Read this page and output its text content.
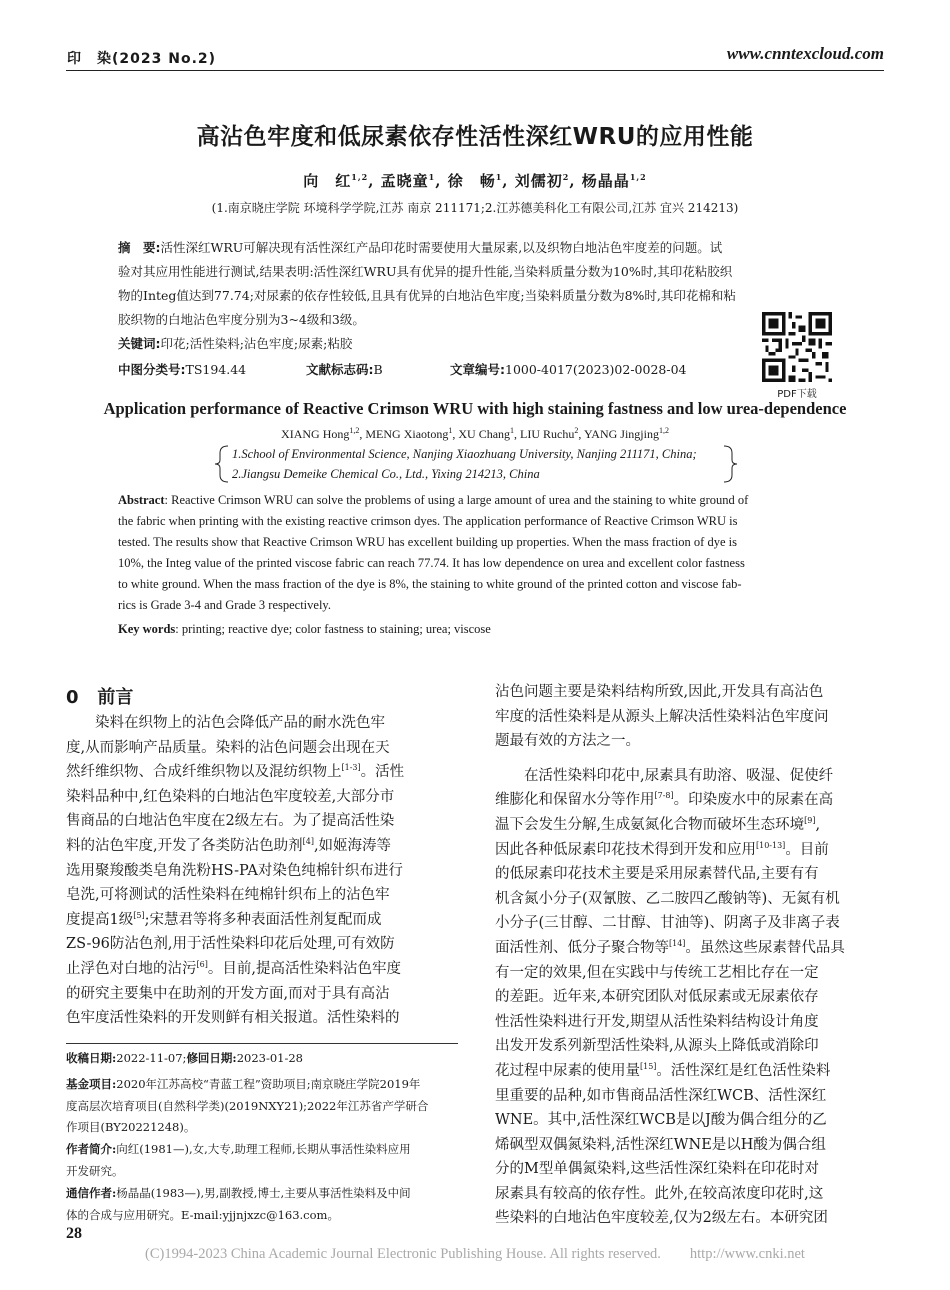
印　染(2023 No.2)	www.cnntexcloud.com
高沾色牢度和低尿素依存性活性深红WRU的应用性能
向　红$^{1,2}$, 孟晓童$^1$, 徐　畅$^1$, 刘儒初$^2$, 杨晶晶$^{1,2}$
(1.南京晓庄学院 环境科学学院,江苏 南京 211171;2.江苏德美科化工有限公司,江苏 宜兴 214213)
摘　要:活性深红WRU可解决现有活性深红产品印花时需要使用大量尿素,以及织物白地沾色牢度差的问题。试
验对其应用性能进行测试,结果表明:活性深红WRU具有优异的提升性能,当染料质量分数为10%时,其印花粘胶织
物的Integ值达到77.74;对尿素的依存性较低,且具有优异的白地沾色牢度;当染料质量分数为8%时,其印花棉和粘
胶织物的白地沾色牢度分别为3~4级和3级。
关键词:印花;活性染料;沾色牢度;尿素;粘胶
中图分类号:TS194.44	文献标志码:B	文章编号:1000-4017(2023)02-0028-04
PDF下载
Application performance of Reactive Crimson WRU with high staining fastness and low urea-dependence
XIANG Hong$^{1,2}$, MENG Xiaotong$^1$, XU Chang$^1$, LIU Ruchu$^2$, YANG Jingjing$^{1,2}$
1.School of Environmental Science, Nanjing Xiaozhuang University, Nanjing 211171, China;
2.Jiangsu Demeike Chemical Co., Ltd., Yixing 214213, China
Abstract: Reactive Crimson WRU can solve the problems of using a large amount of urea and the staining to white ground of
the fabric when printing with the existing reactive crimson dyes. The application performance of Reactive Crimson WRU is
tested. The results show that Reactive Crimson WRU has excellent building up properties. When the mass fraction of dye is
10%, the Integ value of the printed viscose fabric can reach 77.74. It has low dependence on urea and excellent color fastness
to white ground. When the mass fraction of the dye is 8%, the staining to white ground of the printed cotton and viscose fab-
rics is Grade 3-4 and Grade 3 respectively.
Key words: printing; reactive dye; color fastness to staining; urea; viscose
0 前言
染料在织物上的沾色会降低产品的耐水洗色牢
度,从而影响产品质量。染料的沾色问题会出现在天
然纤维织物、合成纤维织物以及混纺织物上[1-3]。活性
染料品种中,红色染料的白地沾色牢度较差,大部分市
售商品的白地沾色牢度在2级左右。为了提高活性染
料的沾色牢度,开发了各类防沾色助剂[4],如姬海涛等
选用聚羧酸类皂角洗粉HS-PA对染色纯棉针织布进行
皂洗,可将测试的活性染料在纯棉针织布上的沾色牢
度提高1级[5];宋慧君等将多种表面活性剂复配而成
ZS-96防沾色剂,用于活性染料印花后处理,可有效防
止浮色对白地的沾污[6]。目前,提高活性染料沾色牢度
的研究主要集中在助剂的开发方面,而对于具有高沾
色牢度活性染料的开发则鲜有相关报道。活性染料的
沾色问题主要是染料结构所致,因此,开发具有高沾色
牢度的活性染料是从源头上解决活性染料沾色牢度问
题最有效的方法之一。
在活性染料印花中,尿素具有助溶、吸湿、促使纤
维膨化和保留水分等作用[7-8]。印染废水中的尿素在高
温下会发生分解,生成氨氮化合物而破坏生态环境[9],
因此各种低尿素印花技术得到开发和应用[10-13]。目前
的低尿素印花技术主要是采用尿素替代品,主要有有
机含氮小分子(双氰胺、乙二胺四乙酸钠等)、无氮有机
小分子(三甘醇、二甘醇、甘油等)、阴离子及非离子表
面活性剂、低分子聚合物等[14]。虽然这些尿素替代品具
有一定的效果,但在实践中与传统工艺相比存在一定
的差距。近年来,本研究团队对低尿素或无尿素依存
性活性染料进行开发,期望从活性染料结构设计角度
出发开发系列新型活性染料,从源头上降低或消除印
花过程中尿素的使用量[15]。活性深红是红色活性染料
里重要的品种,如市售商品活性深红WCB、活性深红
WNE。其中,活性深红WCB是以J酸为偶合组分的乙
烯砜型双偶氮染料,活性深红WNE是以H酸为偶合组
分的M型单偶氮染料,这些活性深红染料在印花时对
尿素具有较高的依存性。此外,在较高浓度印花时,这
些染料的白地沾色牢度较差,仅为2级左右。本研究团
收稿日期:2022-11-07;修回日期:2023-01-28
基金项目:2020年江苏高校“青蓝工程”资助项目;南京晓庄学院2019年
度高层次培育项目(自然科学类)(2019NXY21);2022年江苏省产学研合
作项目(BY20221248)。
作者简介:向红(1981—),女,大专,助理工程师,长期从事活性染料应用
开发研究。
通信作者:杨晶晶(1983—),男,副教授,博士,主要从事活性染料及中间
体的合成与应用研究。E-mail:yjjnjxzc@163.com。
28
(C)1994-2023 China Academic Journal Electronic Publishing House. All rights reserved.　　http://www.cnki.net
